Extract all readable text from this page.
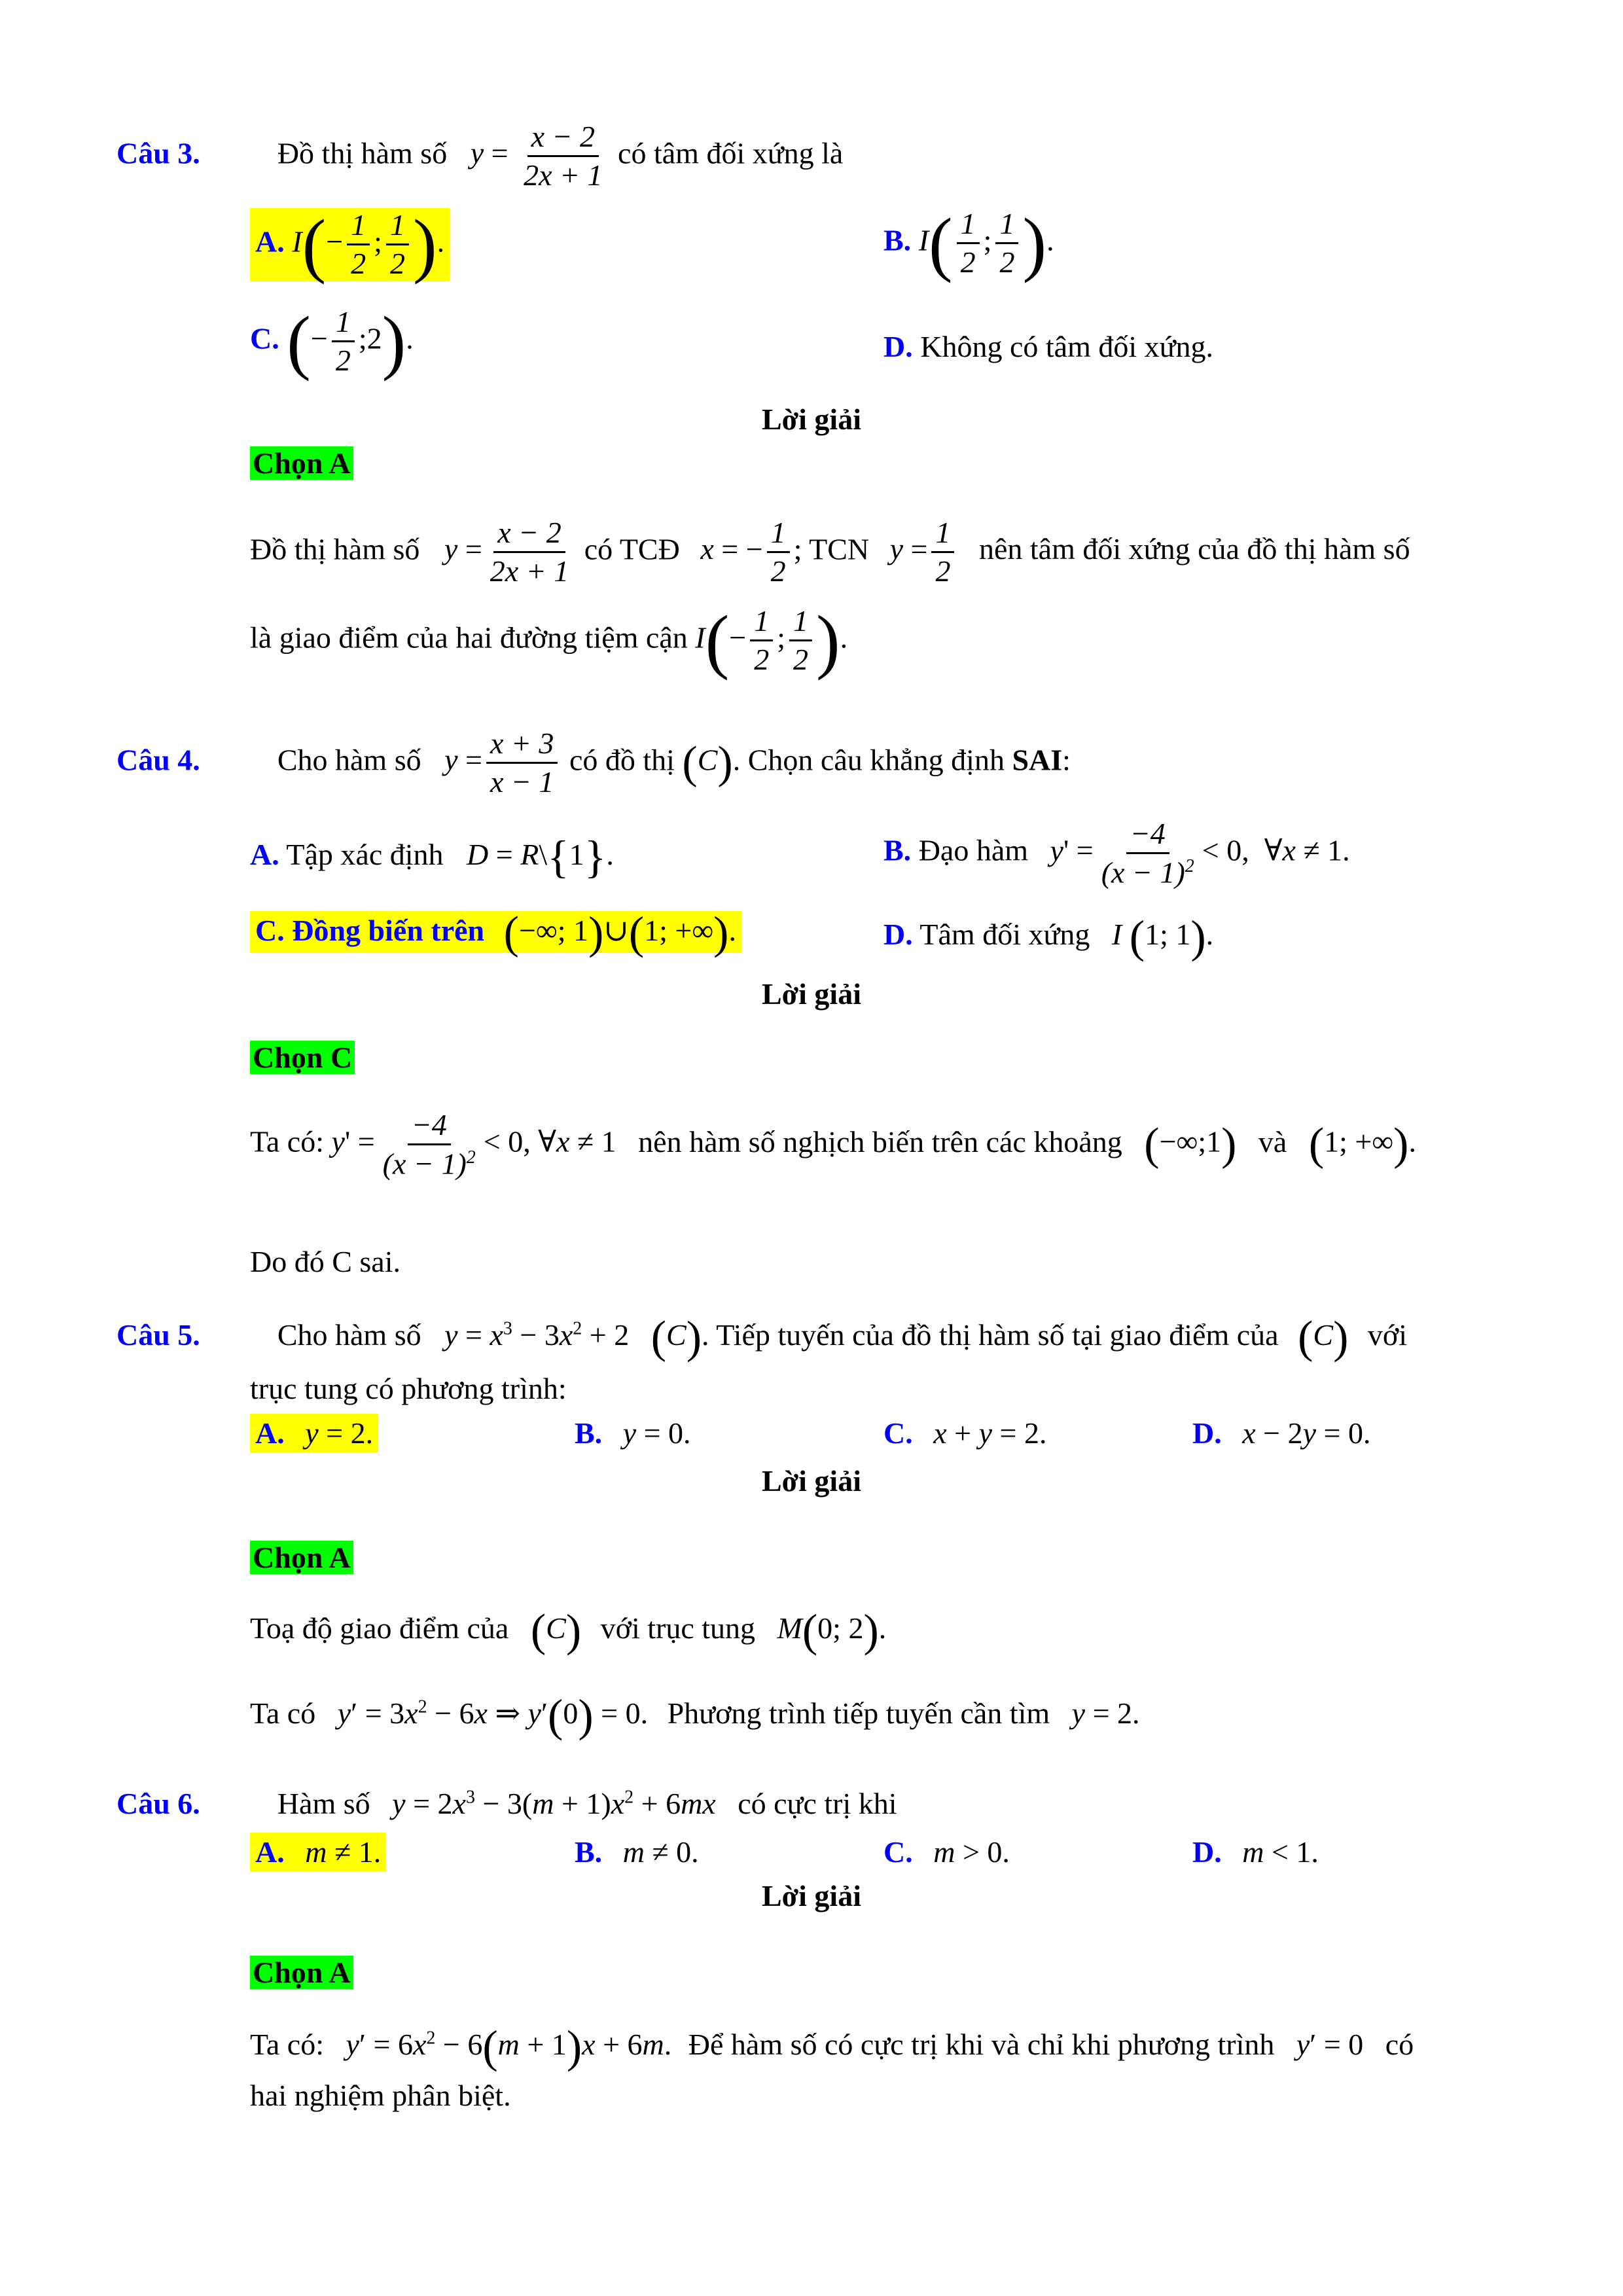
Câu 3.	Đồ thị hàm số $y = \frac{x - 2}{2x + 1}$ có tâm đối xứng là
A. $I(- \frac{1}{2}$ ; $\frac{1}{2}$ ).	B. $I( \frac{1}{2}$ ; $\frac{1}{2}$ ).
C. (− $\frac{1}{2}$ ;2).	D. Không có tâm đối xứng.
Lời giải
Chọn A
Đồ thị hàm số $y = \frac{x - 2}{2x + 1}$ có TCĐ x = − $\frac{1}{2}$ ; TCN $y = \frac{1}{2}$ nên tâm đối xứng của đồ thị hàm số
là giao điểm của hai đường tiệm cận $I(- \frac{1}{2}$ ; $\frac{1}{2}$ ).
Câu 4.	Cho hàm số $y = \frac{x + 3}{x - 1}$ có đồ thị (C). Chọn câu khẳng định SAI:
A. Tập xác định D = R\{1}.	B. Đạo hàm $y' = \frac{-4}{(x - 1)^2} < 0$,  ∀x ≠ 1.
C. Đồng biến trên (−∞; 1)∪(1; +∞).	D. Tâm đối xứng I (1; 1).
Lời giải
Chọn C
Ta có: $y' = \frac{-4}{(x - 1)^2} < 0$, ∀x ≠ 1 nên hàm số nghịch biến trên các khoảng (−∞;1) và (1; +∞).
Do đó C sai.
Câu 5.	Cho hàm số $y = x^3 - 3x^2 + 2$ (C). Tiếp tuyến của đồ thị hàm số tại giao điểm của (C) với
trục tung có phương trình:
A. y = 2.	B. y = 0.	C. x + y = 2.	D. x − 2y = 0.
Lời giải
Chọn A
Toạ độ giao điểm của (C) với trục tung M(0; 2).
Ta có $y' = 3x^2 - 6x$ ⇒ y′(0) = 0. Phương trình tiếp tuyến cần tìm y = 2.
Câu 6.	Hàm số $y = 2x^3 - 3(m + 1)x^2 + 6mx$ có cực trị khi
A. m ≠ 1.	B. m ≠ 0.	C. m > 0.	D. m < 1.
Lời giải
Chọn A
Ta có: $y' = 6x^2 - 6(m + 1)x + 6m$. Để hàm số có cực trị khi và chỉ khi phương trình y′ = 0 có
hai nghiệm phân biệt.
